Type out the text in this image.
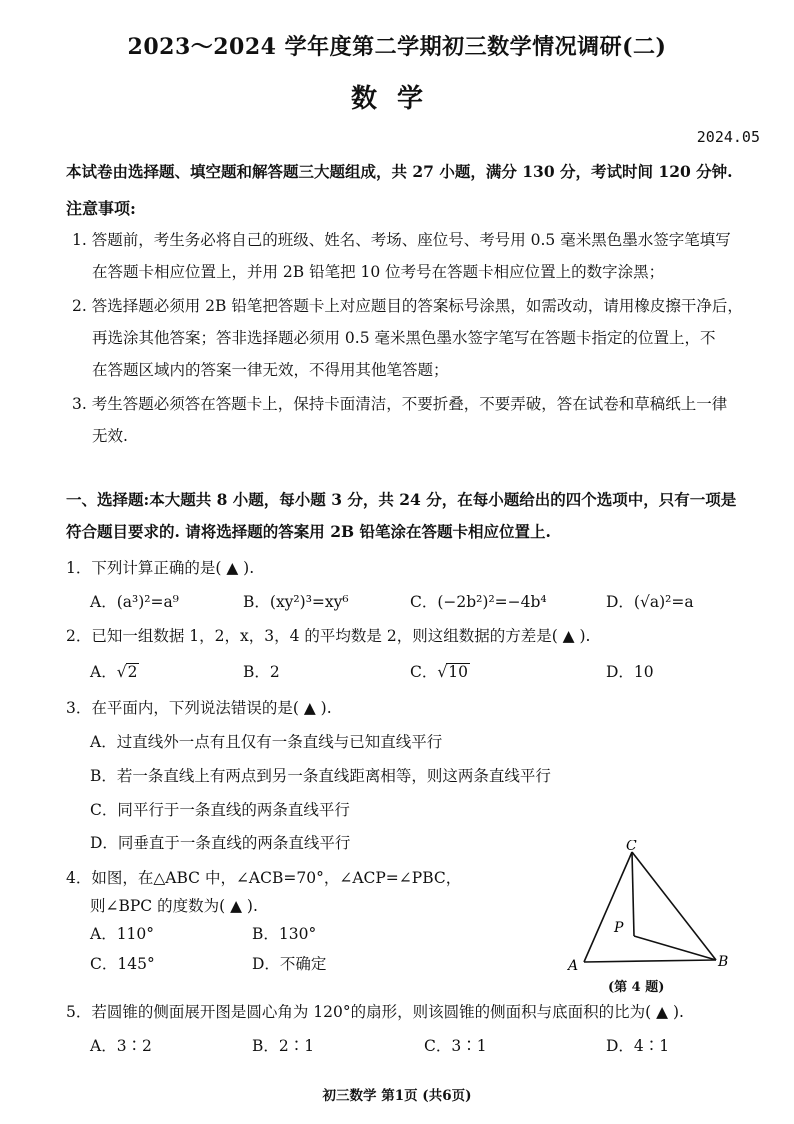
2023～2024 学年度第二学期初三数学情况调研(二)
数学
2024.05
本试卷由选择题、填空题和解答题三大题组成，共 27 小题，满分 130 分，考试时间 120 分钟.
注意事项:
1. 答题前，考生务必将自己的班级、姓名、考场、座位号、考号用 0.5 毫米黑色墨水签字笔填写
在答题卡相应位置上，并用 2B 铅笔把 10 位考号在答题卡相应位置上的数字涂黑；
2. 答选择题必须用 2B 铅笔把答题卡上对应题目的答案标号涂黑，如需改动，请用橡皮擦干净后，
再选涂其他答案；答非选择题必须用 0.5 毫米黑色墨水签字笔写在答题卡指定的位置上，不
在答题区域内的答案一律无效，不得用其他笔答题；
3. 考生答题必须答在答题卡上，保持卡面清洁，不要折叠，不要弄破，答在试卷和草稿纸上一律
无效.
一、选择题:本大题共 8 小题，每小题 3 分，共 24 分，在每小题给出的四个选项中，只有一项是
符合题目要求的. 请将选择题的答案用 2B 铅笔涂在答题卡相应位置上.
1．下列计算正确的是( ▲ ).
A．(a³)²=a⁹	B．(xy²)³=xy⁶	C．(−2b²)²=−4b⁴	D．(√a)²=a
2．已知一组数据 1，2，x，3，4 的平均数是 2，则这组数据的方差是( ▲ ).
A．√2	B．2	C．√10	D．10
3．在平面内，下列说法错误的是( ▲ ).
A．过直线外一点有且仅有一条直线与已知直线平行
B．若一条直线上有两点到另一条直线距离相等，则这两条直线平行
C．同平行于一条直线的两条直线平行
D．同垂直于一条直线的两条直线平行
4．如图，在△ABC 中，∠ACB=70°，∠ACP=∠PBC，
则∠BPC 的度数为( ▲ ).
A．110°	B．130°
C．145°	D．不确定
C
P
A	B
(第 4 题)
5．若圆锥的侧面展开图是圆心角为 120°的扇形，则该圆锥的侧面积与底面积的比为( ▲ ).
A．3∶2	B．2∶1	C．3∶1	D．4∶1
初三数学 第1页 (共6页)
